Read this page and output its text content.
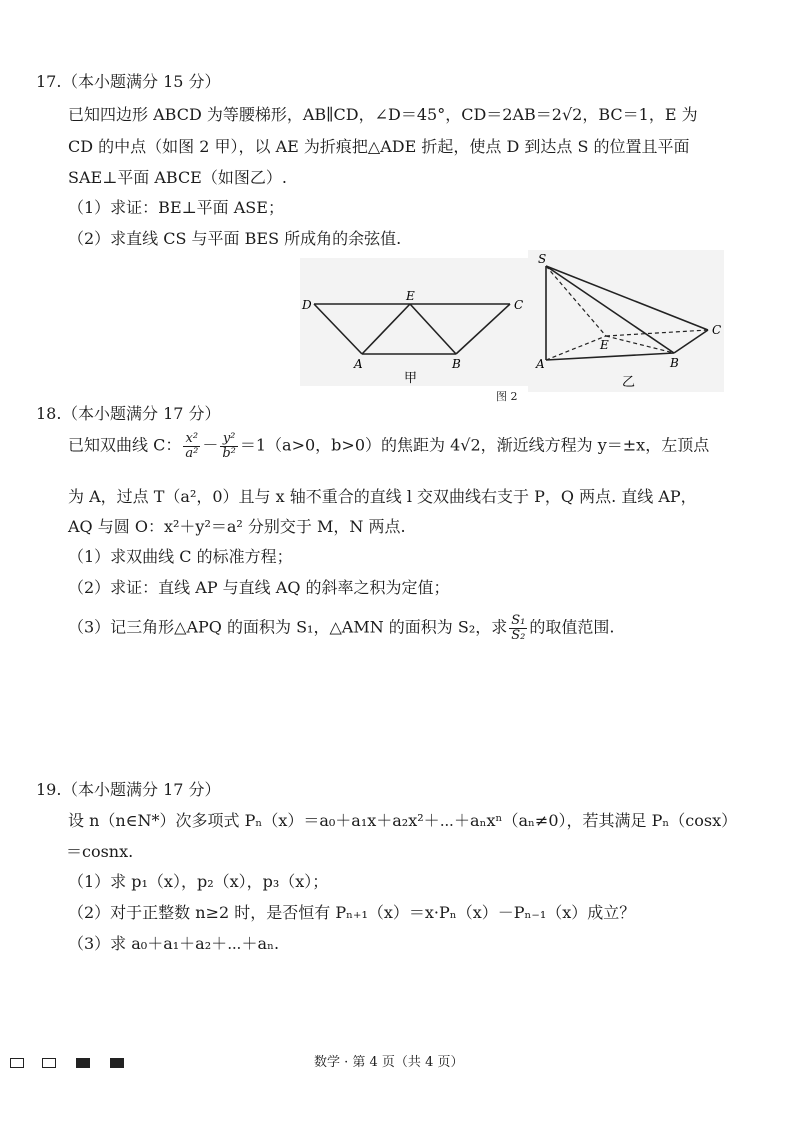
17. （本小题满分 15 分）
已知四边形 ABCD 为等腰梯形，AB∥CD，∠D＝45°，CD＝2AB＝2√2，BC＝1，E 为
CD 的中点（如图 2 甲），以 AE 为折痕把△ADE 折起，使点 D 到达点 S 的位置且平面
SAE⊥平面 ABCE（如图乙）.
（1）求证：BE⊥平面 ASE；
（2）求直线 CS 与平面 BES 所成角的余弦值.
D
E
C
A	B
甲
S
C
E
A	B
乙
图 2
18. （本小题满分 17 分）
已知双曲线 C： $\frac{\text{x²}}{\text{a²}} - \frac{\text{y²}}{\text{b²}} =1(a>0$，b>0）的焦距为 4√2，渐近线方程为 y＝±x，左顶点
为 A，过点 T（a²，0）且与 x 轴不重合的直线 l 交双曲线右支于 P，Q 两点. 直线 AP，
AQ 与圆 O：x²＋y²＝a² 分别交于 M，N 两点.
（1）求双曲线 C 的标准方程；
（2）求证：直线 AP 与直线 AQ 的斜率之积为定值；
（3）记三角形△APQ 的面积为 S₁，△AMN 的面积为 S₂，求 $\frac{\text{S₁}}{\text{S₂}}$ 的取值范围.
19. （本小题满分 17 分）
设 n（n∈N*）次多项式 Pₙ（x）＝a₀＋a₁x＋a₂x²＋⋯＋aₙxⁿ（aₙ≠0），若其满足 Pₙ（cosx）
＝cosnx.
（1）求 p₁（x），p₂（x），p₃（x）；
（2）对于正整数 n≥2 时，是否恒有 Pₙ₊₁（x）＝x·Pₙ（x）－Pₙ₋₁（x）成立？
（3）求 a₀＋a₁＋a₂＋⋯＋aₙ.
数学 · 第 4 页（共 4 页）
